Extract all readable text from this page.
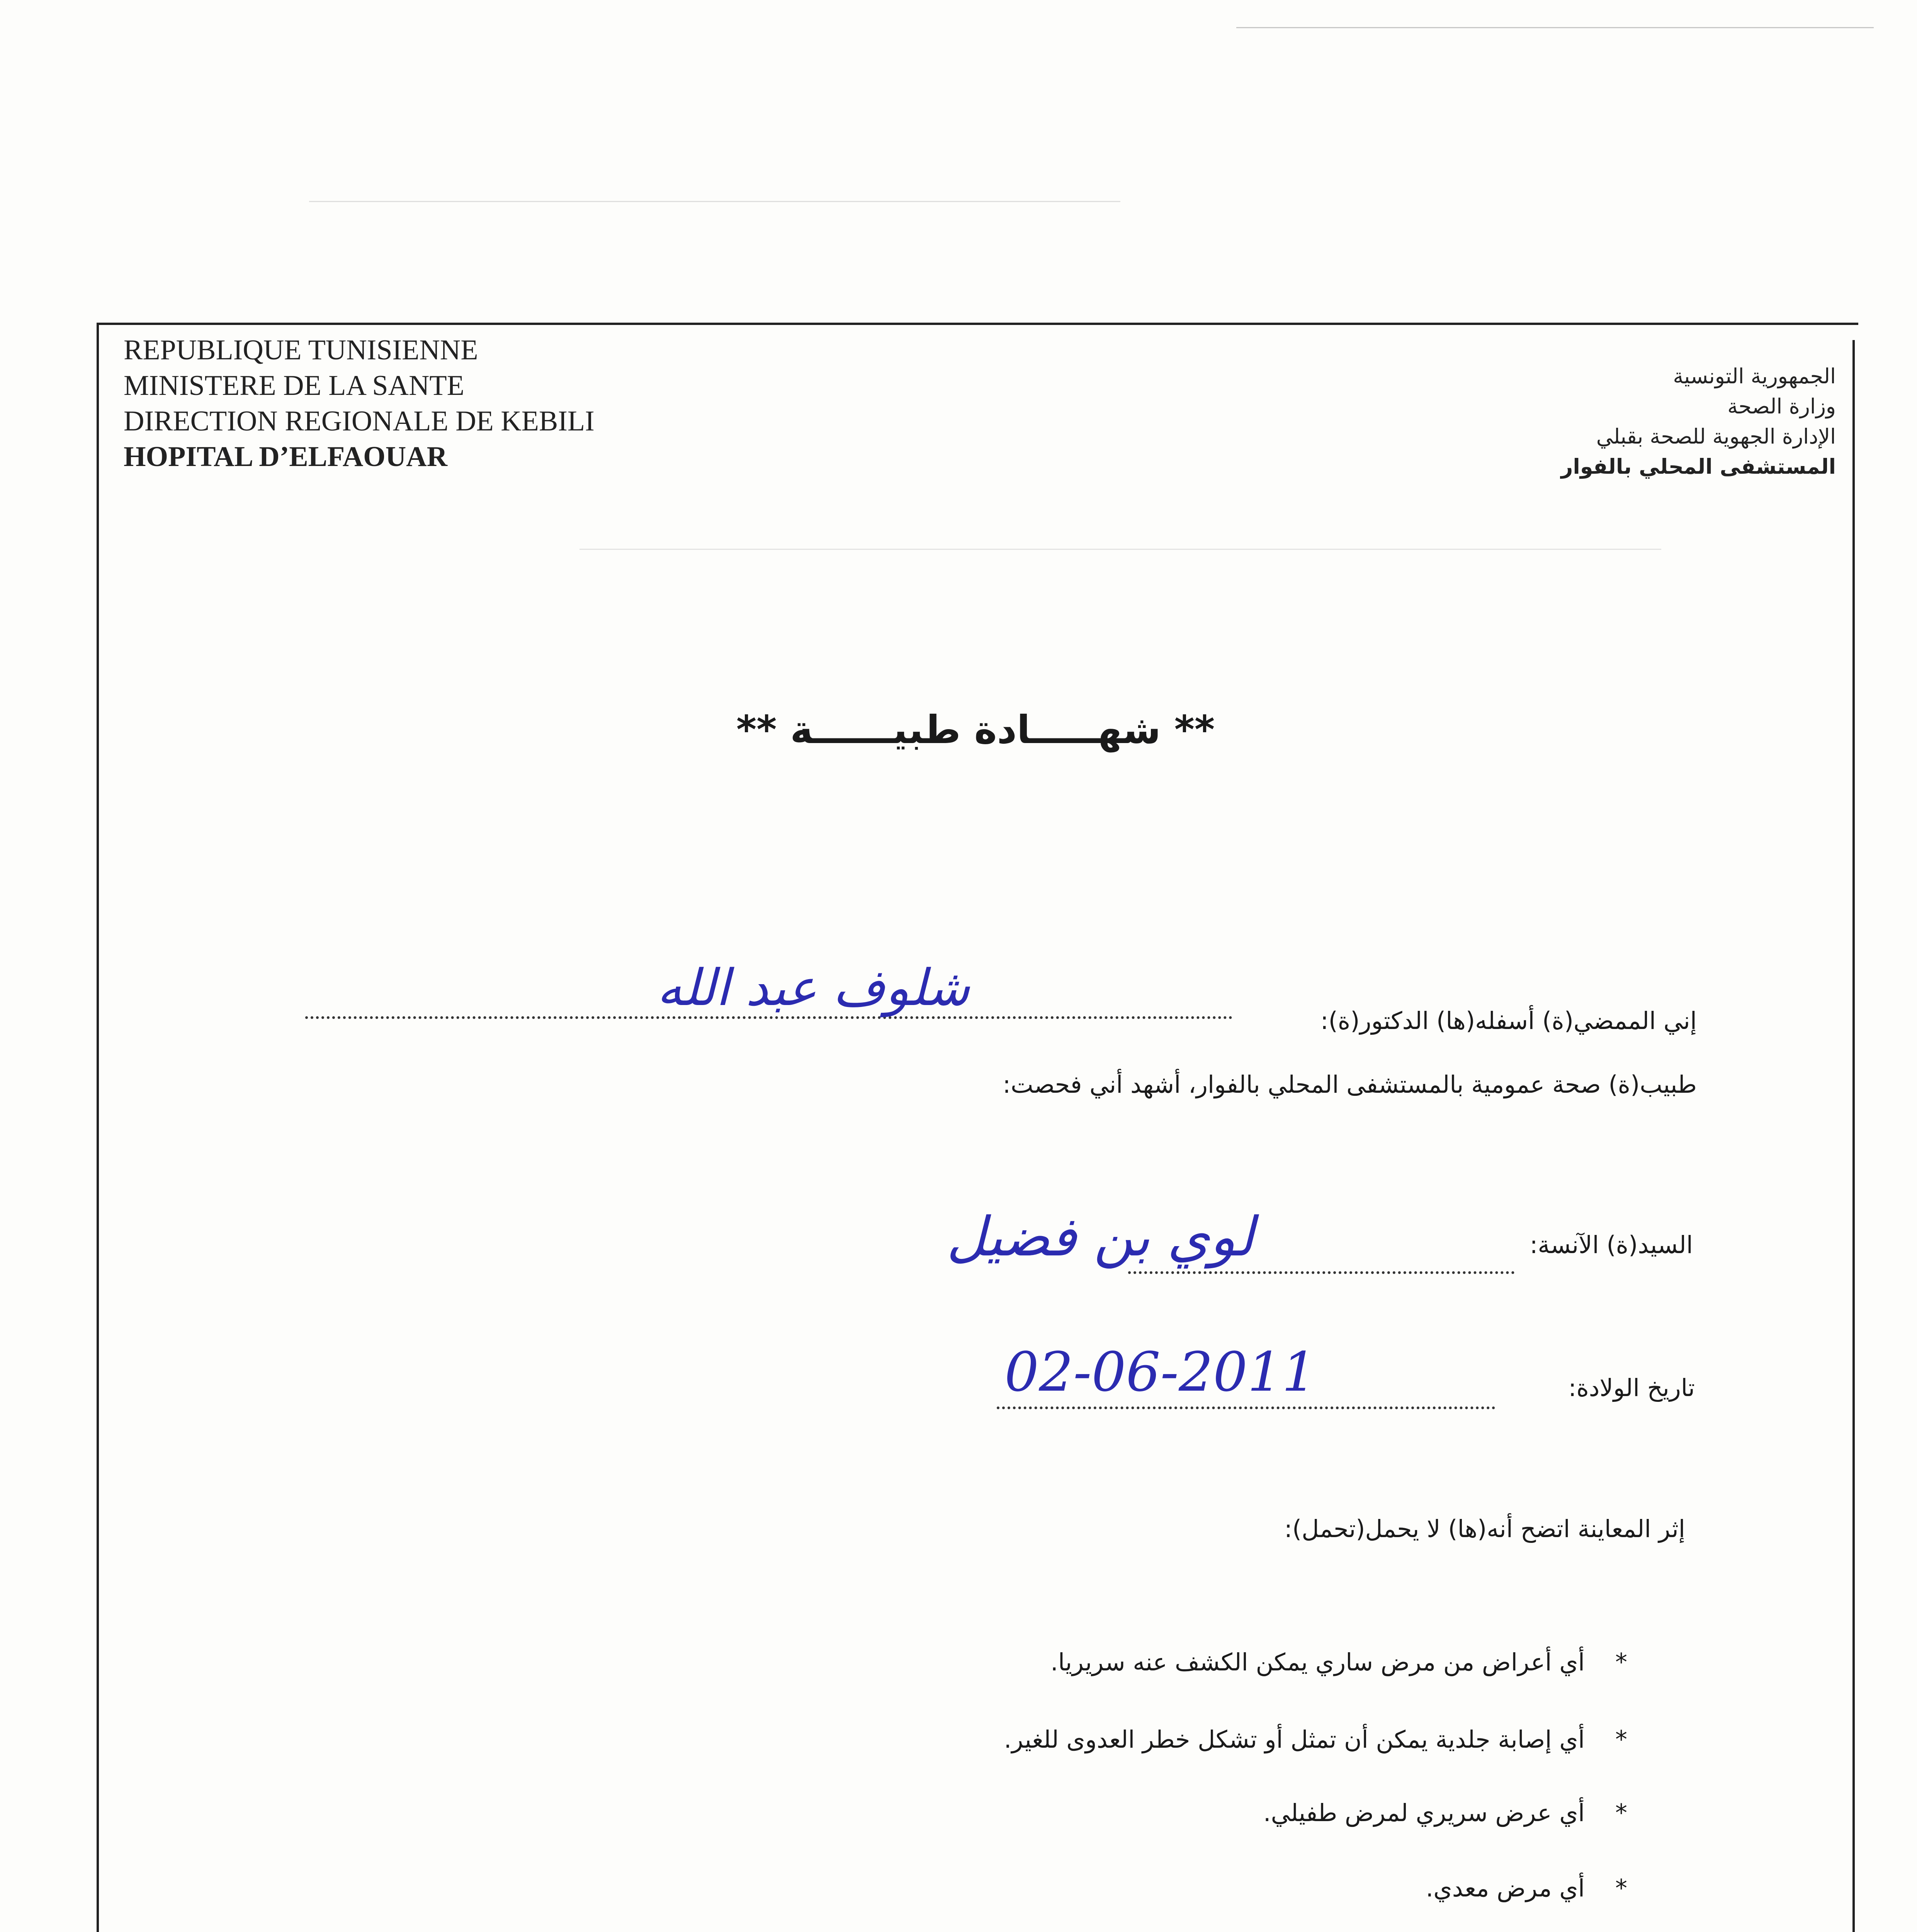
REPUBLIQUE TUNISIENNE
MINISTERE DE LA SANTE
DIRECTION REGIONALE DE KEBILI
HOPITAL D’ELFAOUAR
الجمهورية التونسية
وزارة الصحة
الإدارة الجهوية للصحة بقبلي
المستشفى المحلي بالفوار
** شهـــــادة طبيــــــة **
إني الممضي(ة) أسفله(ها) الدكتور(ة):
شلوف عبد الله
طبيب(ة) صحة عمومية بالمستشفى المحلي بالفوار، أشهد أني فحصت:
السيد(ة) الآنسة:
لوي بن فضيل
تاريخ الولادة:
02-06-2011
إثر المعاينة اتضح أنه(ها) لا يحمل(تحمل):
أي أعراض من مرض ساري يمكن الكشف عنه سريريا. *
أي إصابة جلدية يمكن أن تمثل أو تشكل خطر العدوى للغير. *
أي عرض سريري لمرض طفيلي. *
أي مرض معدي. *
